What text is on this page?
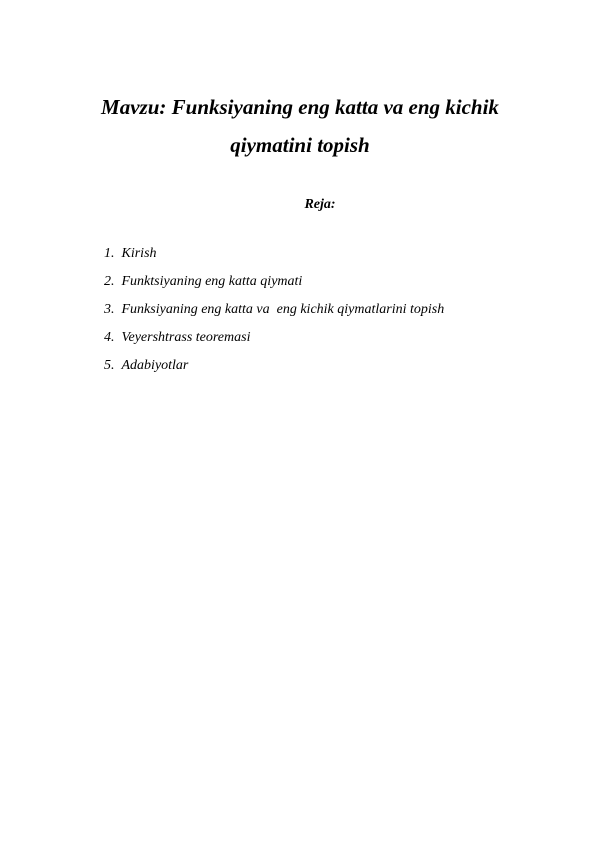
Mavzu: Funksiyaning eng katta va eng kichik
qiymatini topish

Reja:

1. Kirish
2. Funktsiyaning eng katta qiymati
3. Funksiyaning eng katta va  eng kichik qiymatlarini topish
4. Veyershtrass teoremasi
5. Adabiyotlar
